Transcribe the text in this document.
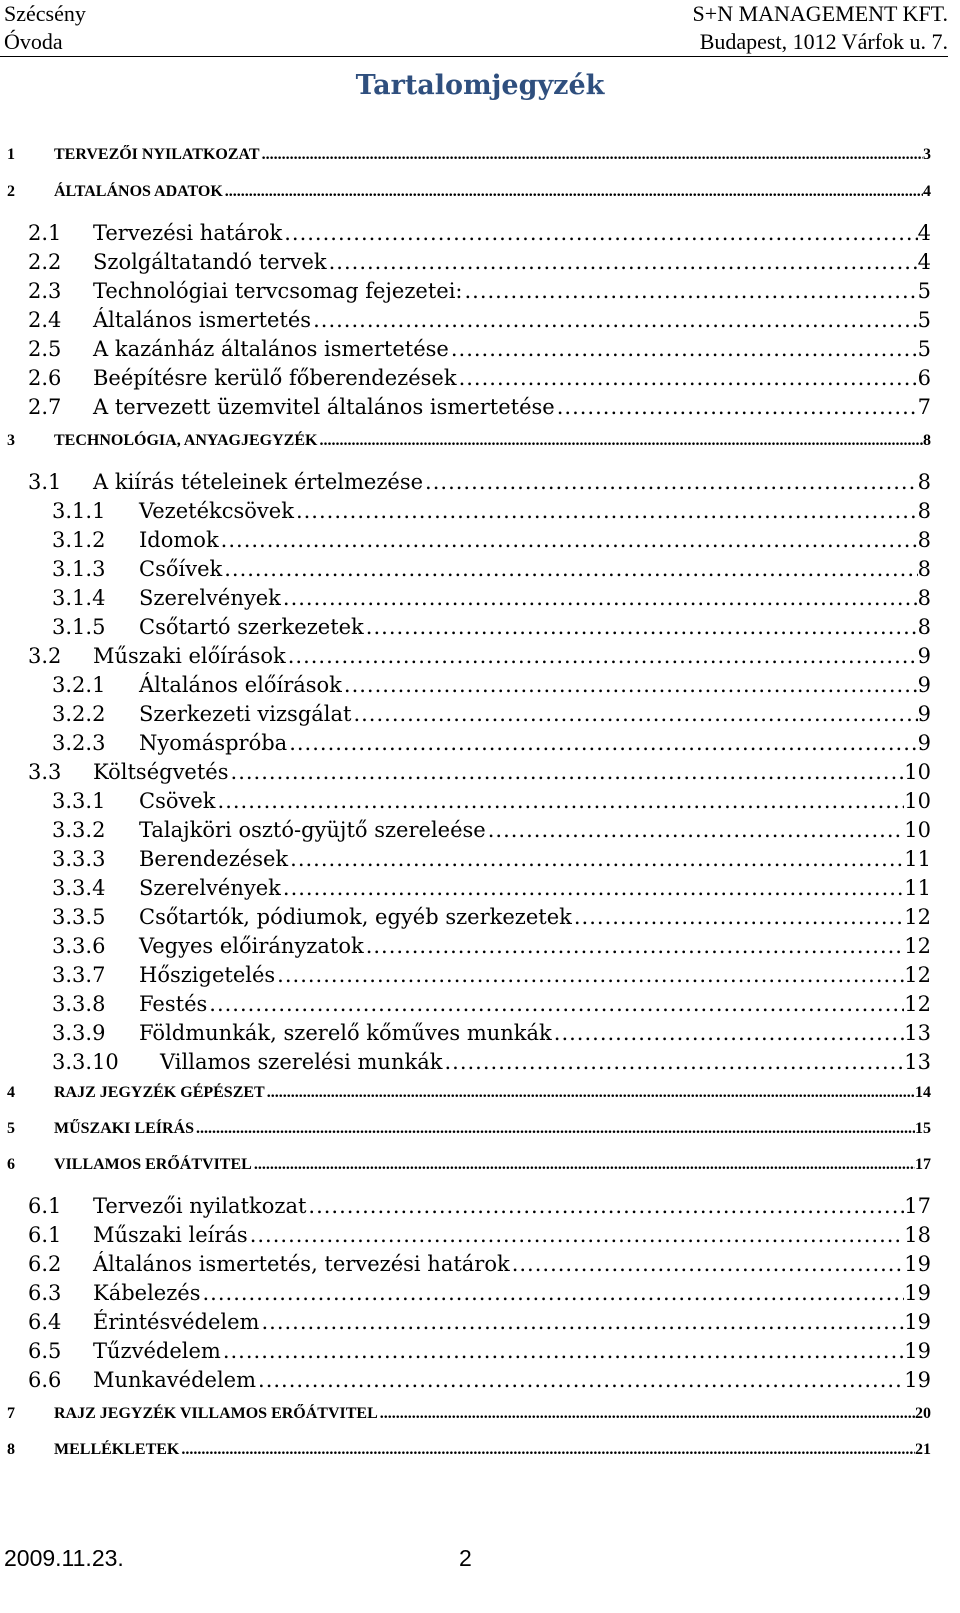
Szécsény
Óvoda
S+N MANAGEMENT KFT.
Budapest, 1012 Várfok u. 7.
Tartalomjegyzék
1	TERVEZŐI NYILATKOZAT .....	3
2	ÁLTALÁNOS ADATOK .....	4
2.1	Tervezési határok .....	4
2.2	Szolgáltatandó tervek .....	4
2.3	Technológiai tervcsomag fejezetei: .....	5
2.4	Általános ismertetés .....	5
2.5	A kazánház általános ismertetése .....	5
2.6	Beépítésre kerülő főberendezések .....	6
2.7	A tervezett üzemvitel általános ismertetése .....	7
3	TECHNOLÓGIA, ANYAGJEGYZÉK .....	8
3.1	A kiírás tételeinek értelmezése .....	8
3.1.1	Vezetékcsövek .....	8
3.1.2	Idomok .....	8
3.1.3	Csőívek .....	8
3.1.4	Szerelvények .....	8
3.1.5	Csőtartó szerkezetek .....	8
3.2	Műszaki előírások .....	9
3.2.1	Általános előírások .....	9
3.2.2	Szerkezeti vizsgálat .....	9
3.2.3	Nyomáspróba .....	9
3.3	Költségvetés .....	10
3.3.1	Csövek .....	10
3.3.2	Talajköri osztó-gyüjtő szereleése .....	10
3.3.3	Berendezések .....	11
3.3.4	Szerelvények .....	11
3.3.5	Csőtartók, pódiumok, egyéb szerkezetek .....	12
3.3.6	Vegyes előirányzatok .....	12
3.3.7	Hőszigetelés .....	12
3.3.8	Festés .....	12
3.3.9	Földmunkák, szerelő kőműves munkák .....	13
3.3.10	Villamos szerelési munkák .....	13
4	RAJZ JEGYZÉK GÉPÉSZET .....	14
5	MŰSZAKI LEÍRÁS .....	15
6	VILLAMOS ERŐÁTVITEL .....	17
6.1	Tervezői nyilatkozat .....	17
6.1	Műszaki leírás .....	18
6.2	Általános ismertetés, tervezési határok .....	19
6.3	Kábelezés .....	19
6.4	Érintésvédelem .....	19
6.5	Tűzvédelem .....	19
6.6	Munkavédelem .....	19
7	RAJZ JEGYZÉK VILLAMOS ERŐÁTVITEL .....	20
8	MELLÉKLETEK .....	21
2009.11.23.	2
